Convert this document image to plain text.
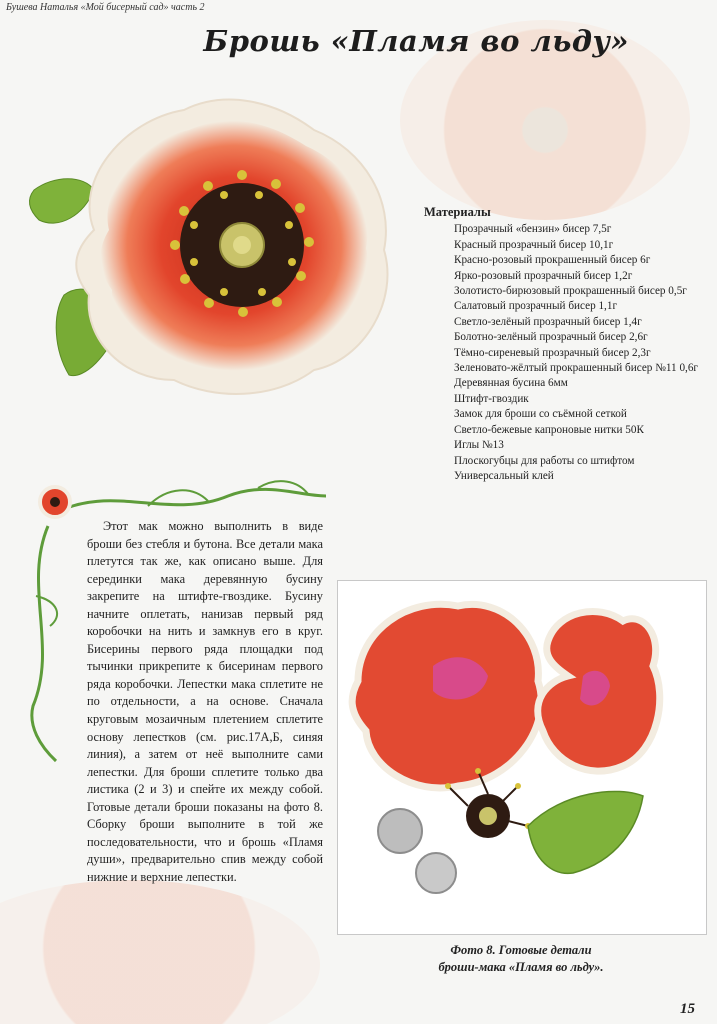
Бушева Наталья «Мой бисерный сад» часть 2
Брошь «Пламя во льду»
Материалы
Прозрачный «бензин» бисер 7,5г
Красный прозрачный бисер 10,1г
Красно-розовый прокрашенный бисер 6г
Ярко-розовый прозрачный бисер 1,2г
Золотисто-бирюзовый прокрашенный бисер 0,5г
Салатовый прозрачный бисер 1,1г
Светло-зелёный прозрачный бисер 1,4г
Болотно-зелёный прозрачный бисер 2,6г
Тёмно-сиреневый прозрачный бисер 2,3г
Зеленовато-жёлтый прокрашенный бисер №11 0,6г
Деревянная бусина 6мм
Штифт-гвоздик
Замок для броши со съёмной сеткой
Светло-бежевые капроновые нитки 50К
Иглы №13
Плоскогубцы для работы со штифтом
Универсальный клей
Этот мак можно выполнить в виде броши без стебля и бутона. Все детали мака плетутся так же, как описано выше. Для серединки мака деревянную бусину закрепите на штифте-гвоздике. Бусину начните оплетать, нанизав первый ряд коробочки на нить и замкнув его в круг. Бисерины первого ряда площадки под тычинки прикрепите к бисеринам первого ряда коробочки. Лепестки мака сплетите не по отдельности, а на основе. Сначала круговым мозаичным плетением сплетите основу лепестков (см. рис.17А,Б, синяя линия), а затем от неё выполните сами лепестки. Для броши сплетите только два листика (2 и 3) и спейте их между собой. Готовые детали броши показаны на фото 8. Сборку броши выполните в той же последовательности, что и брошь «Пламя души», предварительно спив между собой нижние и верхние лепестки.
Фото 8. Готовые детали
броши-мака «Пламя во льду».
15
